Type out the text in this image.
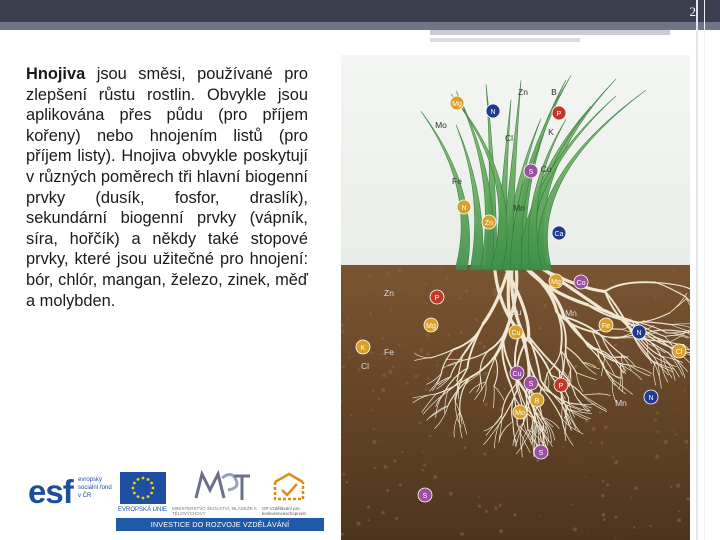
2
Hnojiva jsou směsi, používané pro zlepšení růstu rostlin. Obvykle jsou aplikována přes půdu (pro příjem kořeny) nebo hnojením listů (pro příjem listy). Hnojiva obvykle poskytují v různých poměrech tři hlavní biogenní prvky (dusík, fosfor, draslík), sekundární biogenní prvky (vápník, síra, hořčík) a někdy také stopové prvky, které jsou užitečné pro hnojení: bór, chlór, mangan, železo, zinek, měď a molybden.
Zn	B
Mg
N	P
K
Mo
Cl
Fe
S Cu
Zn
Mn
N
Ca
Zn
Mg Co
P
Cu
Cu
Mg
N
Mn
Fe
Cl
Cl
K Fe
S	P
Cu
N
B	Mn
S
Mo
Mn
S
esf evropský sociální fond v ČR
EVROPSKÁ UNIE MINISTERSTVO ŠKOLSTVÍ, MLÁDEŽE A TĚLOVÝCHOVY
OP Vzdělávání pro konkurenceschopnost
INVESTICE DO ROZVOJE VZDĚLÁVÁNÍ
